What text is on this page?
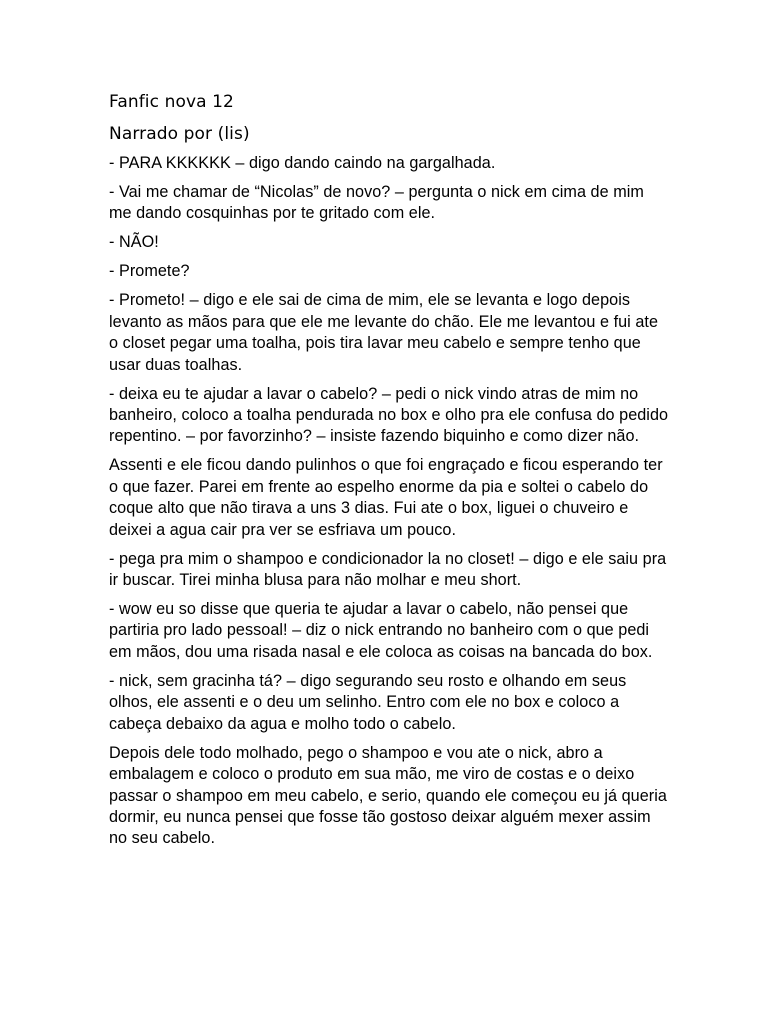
Fanfic nova 12
Narrado por (lis)

- PARA KKKKKK – digo dando caindo na gargalhada.

- Vai me chamar de “Nicolas” de novo? – pergunta o nick em cima de mim me dando cosquinhas por te gritado com ele.

- NÃO!

- Promete?

- Prometo! – digo e ele sai de cima de mim, ele se levanta e logo depois levanto as mãos para que ele me levante do chão. Ele me levantou e fui ate o closet pegar uma toalha, pois tira lavar meu cabelo e sempre tenho que usar duas toalhas.

- deixa eu te ajudar a lavar o cabelo? – pedi o nick vindo atras de mim no banheiro, coloco a toalha pendurada no box e olho pra ele confusa do pedido repentino. – por favorzinho? – insiste fazendo biquinho e como dizer não.

Assenti e ele ficou dando pulinhos o que foi engraçado e ficou esperando ter o que fazer. Parei em frente ao espelho enorme da pia e soltei o cabelo do coque alto que não tirava a uns 3 dias. Fui ate o box, liguei o chuveiro e deixei a agua cair pra ver se esfriava um pouco.

- pega pra mim o shampoo e condicionador la no closet! – digo e ele saiu pra ir buscar. Tirei minha blusa para não molhar e meu short.

- wow eu so disse que queria te ajudar a lavar o cabelo, não pensei que partiria pro lado pessoal! – diz o nick entrando no banheiro com o que pedi em mãos, dou uma risada nasal e ele coloca as coisas na bancada do box.

- nick, sem gracinha tá? – digo segurando seu rosto e olhando em seus olhos, ele assenti e o deu um selinho. Entro com ele no box e coloco a cabeça debaixo da agua e molho todo o cabelo.

Depois dele todo molhado, pego o shampoo e vou ate o nick, abro a embalagem e coloco o produto em sua mão, me viro de costas e o deixo passar o shampoo em meu cabelo, e serio, quando ele começou eu já queria dormir, eu nunca pensei que fosse tão gostoso deixar alguém mexer assim no seu cabelo.
